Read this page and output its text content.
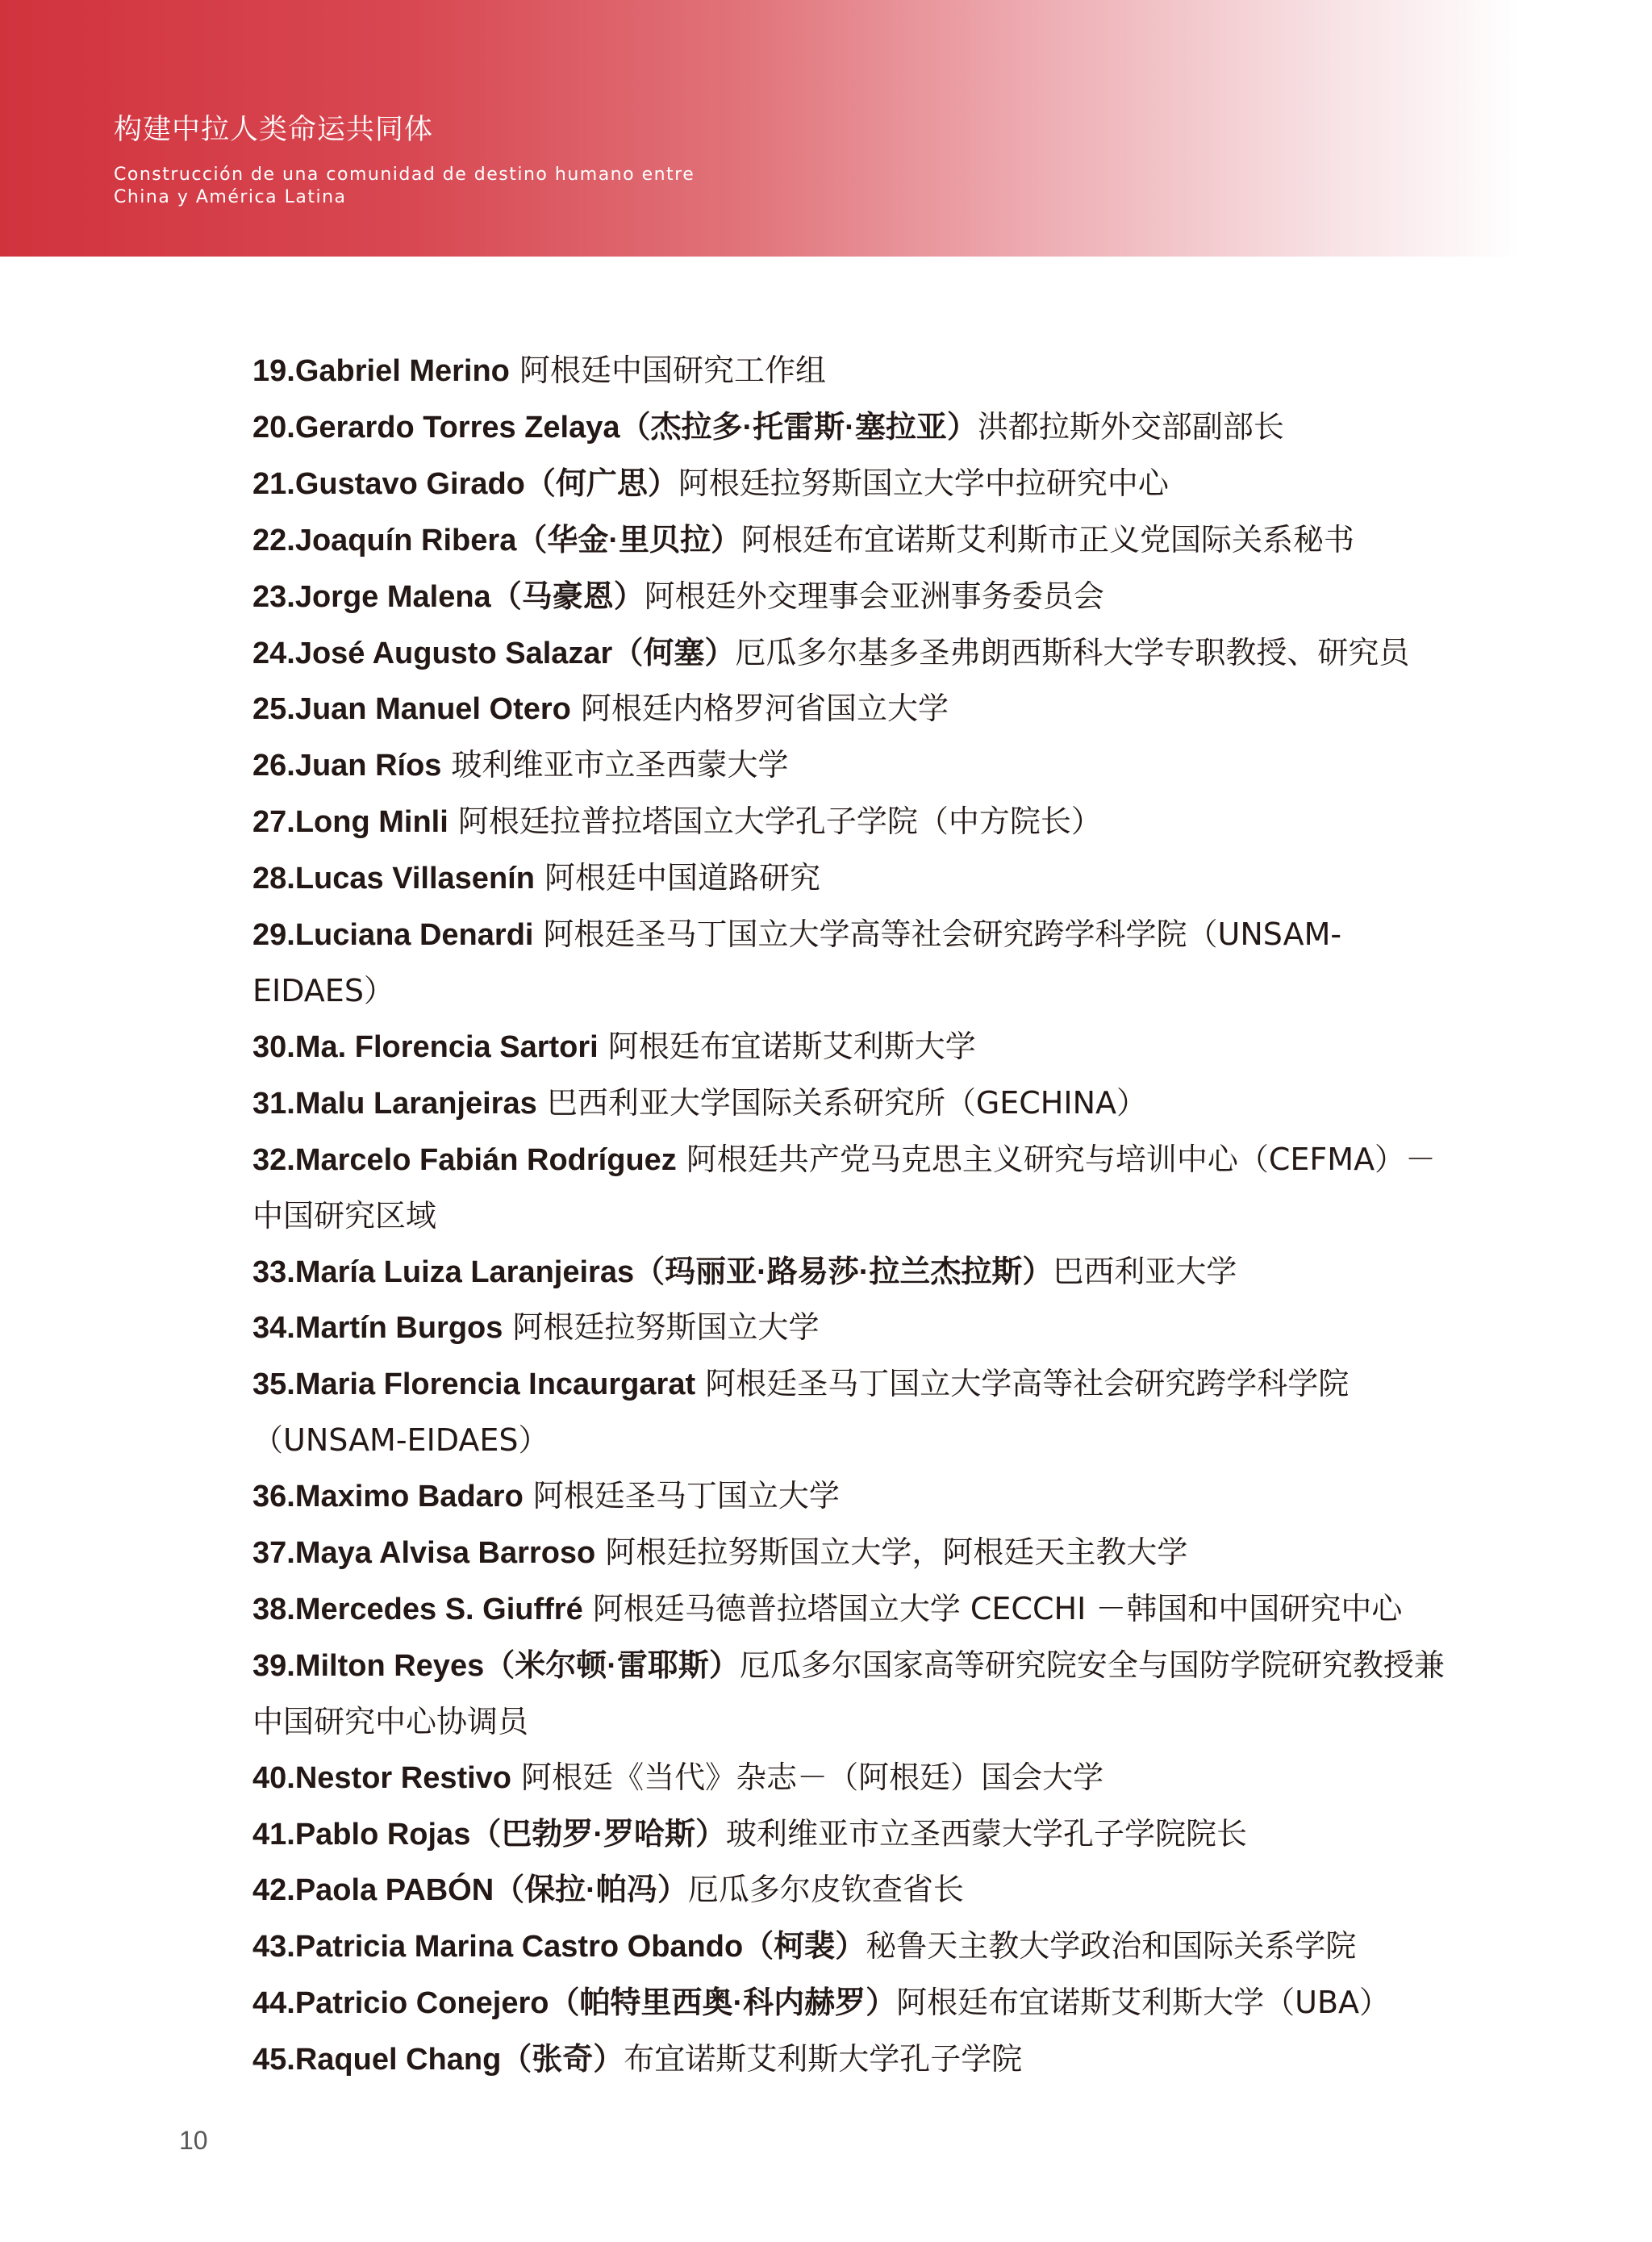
构建中拉人类命运共同体
Construcción de una comunidad de destino humano entre
China y América Latina
19.Gabriel Merino 阿根廷中国研究工作组
20.Gerardo Torres Zelaya（杰拉多·托雷斯·塞拉亚）洪都拉斯外交部副部长
21.Gustavo Girado（何广思）阿根廷拉努斯国立大学中拉研究中心
22.Joaquín Ribera（华金·里贝拉）阿根廷布宜诺斯艾利斯市正义党国际关系秘书
23.Jorge Malena（马豪恩）阿根廷外交理事会亚洲事务委员会
24.José Augusto Salazar（何塞）厄瓜多尔基多圣弗朗西斯科大学专职教授、研究员
25.Juan Manuel Otero 阿根廷内格罗河省国立大学
26.Juan Ríos 玻利维亚市立圣西蒙大学
27.Long Minli 阿根廷拉普拉塔国立大学孔子学院（中方院长）
28.Lucas Villasenín 阿根廷中国道路研究
29.Luciana Denardi 阿根廷圣马丁国立大学高等社会研究跨学科学院（UNSAM-EIDAES）
30.Ma. Florencia Sartori 阿根廷布宜诺斯艾利斯大学
31.Malu Laranjeiras 巴西利亚大学国际关系研究所（GECHINA）
32.Marcelo Fabián Rodríguez 阿根廷共产党马克思主义研究与培训中心（CEFMA）－中国研究区域
33.María Luiza Laranjeiras（玛丽亚·路易莎·拉兰杰拉斯）巴西利亚大学
34.Martín Burgos 阿根廷拉努斯国立大学
35.Maria Florencia Incaurgarat 阿根廷圣马丁国立大学高等社会研究跨学科学院（UNSAM-EIDAES）
36.Maximo Badaro 阿根廷圣马丁国立大学
37.Maya Alvisa Barroso 阿根廷拉努斯国立大学，阿根廷天主教大学
38.Mercedes S. Giuffré 阿根廷马德普拉塔国立大学 CECCHI －韩国和中国研究中心
39.Milton Reyes（米尔顿·雷耶斯）厄瓜多尔国家高等研究院安全与国防学院研究教授兼中国研究中心协调员
40.Nestor Restivo 阿根廷《当代》杂志－（阿根廷）国会大学
41.Pablo Rojas（巴勃罗·罗哈斯）玻利维亚市立圣西蒙大学孔子学院院长
42.Paola PABÓN（保拉·帕冯）厄瓜多尔皮钦查省长
43.Patricia Marina Castro Obando（柯裴）秘鲁天主教大学政治和国际关系学院
44.Patricio Conejero（帕特里西奥·科内赫罗）阿根廷布宜诺斯艾利斯大学（UBA）
45.Raquel Chang（张奇）布宜诺斯艾利斯大学孔子学院
10
